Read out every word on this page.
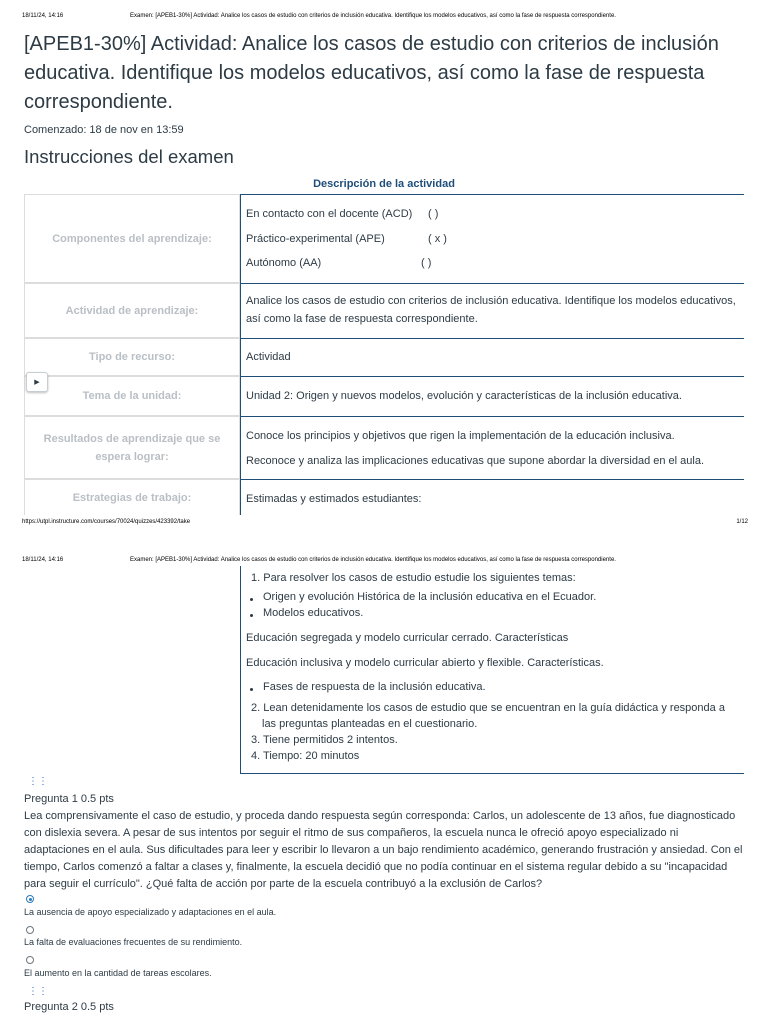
18/11/24, 14:16	Examen: [APEB1-30%] Actividad: Analice los casos de estudio con criterios de inclusión educativa. Identifique los modelos educativos, así como la fase de respuesta correspondiente.
[APEB1-30%] Actividad: Analice los casos de estudio con criterios de inclusión educativa. Identifique los modelos educativos, así como la fase de respuesta correspondiente.
Comenzado: 18 de nov en 13:59
Instrucciones del examen
Descripción de la actividad
Componentes del aprendizaje:

En contacto con el docente (ACD) ( )

Práctico-experimental (APE)	( x )

Autónomo (AA)	( )

Actividad de aprendizaje:

Analice los casos de estudio con criterios de inclusión educativa. Identifique los modelos educativos,

así como la fase de respuesta correspondiente.

Tipo de recurso:	Actividad

Tema de la unidad:	Unidad 2: Origen y nuevos modelos, evolución y características de la inclusión educativa.

▶
Resultados de aprendizaje que se espera lograr:

Conoce los principios y objetivos que rigen la implementación de la educación inclusiva.

Reconoce y analiza las implicaciones educativas que supone abordar la diversidad en el aula.

Estrategias de trabajo:	Estimadas y estimados estudiantes:

https://utpl.instructure.com/courses/70024/quizzes/423392/take	1/12
18/11/24, 14:16	Examen: [APEB1-30%] Actividad: Analice los casos de estudio con criterios de inclusión educativa. Identifique los modelos educativos, así como la fase de respuesta correspondiente.

1. Para resolver los casos de estudio estudie los siguientes temas:

Origen y evolución Histórica de la inclusión educativa en el Ecuador.
Modelos educativos.

Educación segregada y modelo curricular cerrado. Características

Educación inclusiva y modelo curricular abierto y flexible. Características.

Fases de respuesta de la inclusión educativa.

2. Lean detenidamente los casos de estudio que se encuentran en la guía didáctica y responda a

las preguntas planteadas en el cuestionario.

3. Tiene permitidos 2 intentos.

4. Tiempo: 20 minutos

⋮⋮
Pregunta 1 0.5 pts

Lea comprensivamente el caso de estudio, y proceda dando respuesta según corresponda: Carlos, un adolescente de 13 años, fue diagnosticado con dislexia severa. A pesar de sus intentos por seguir el ritmo de sus compañeros, la escuela nunca le ofreció apoyo especializado ni adaptaciones en el aula. Sus dificultades para leer y escribir lo llevaron a un bajo rendimiento académico, generando frustración y ansiedad. Con el tiempo, Carlos comenzó a faltar a clases y, finalmente, la escuela decidió que no podía continuar en el sistema regular debido a su "incapacidad para seguir el currículo". ¿Qué falta de acción por parte de la escuela contribuyó a la exclusión de Carlos?

La ausencia de apoyo especializado y adaptaciones en el aula.
La falta de evaluaciones frecuentes de su rendimiento.
El aumento en la cantidad de tareas escolares.
⋮⋮
Pregunta 2 0.5 pts
